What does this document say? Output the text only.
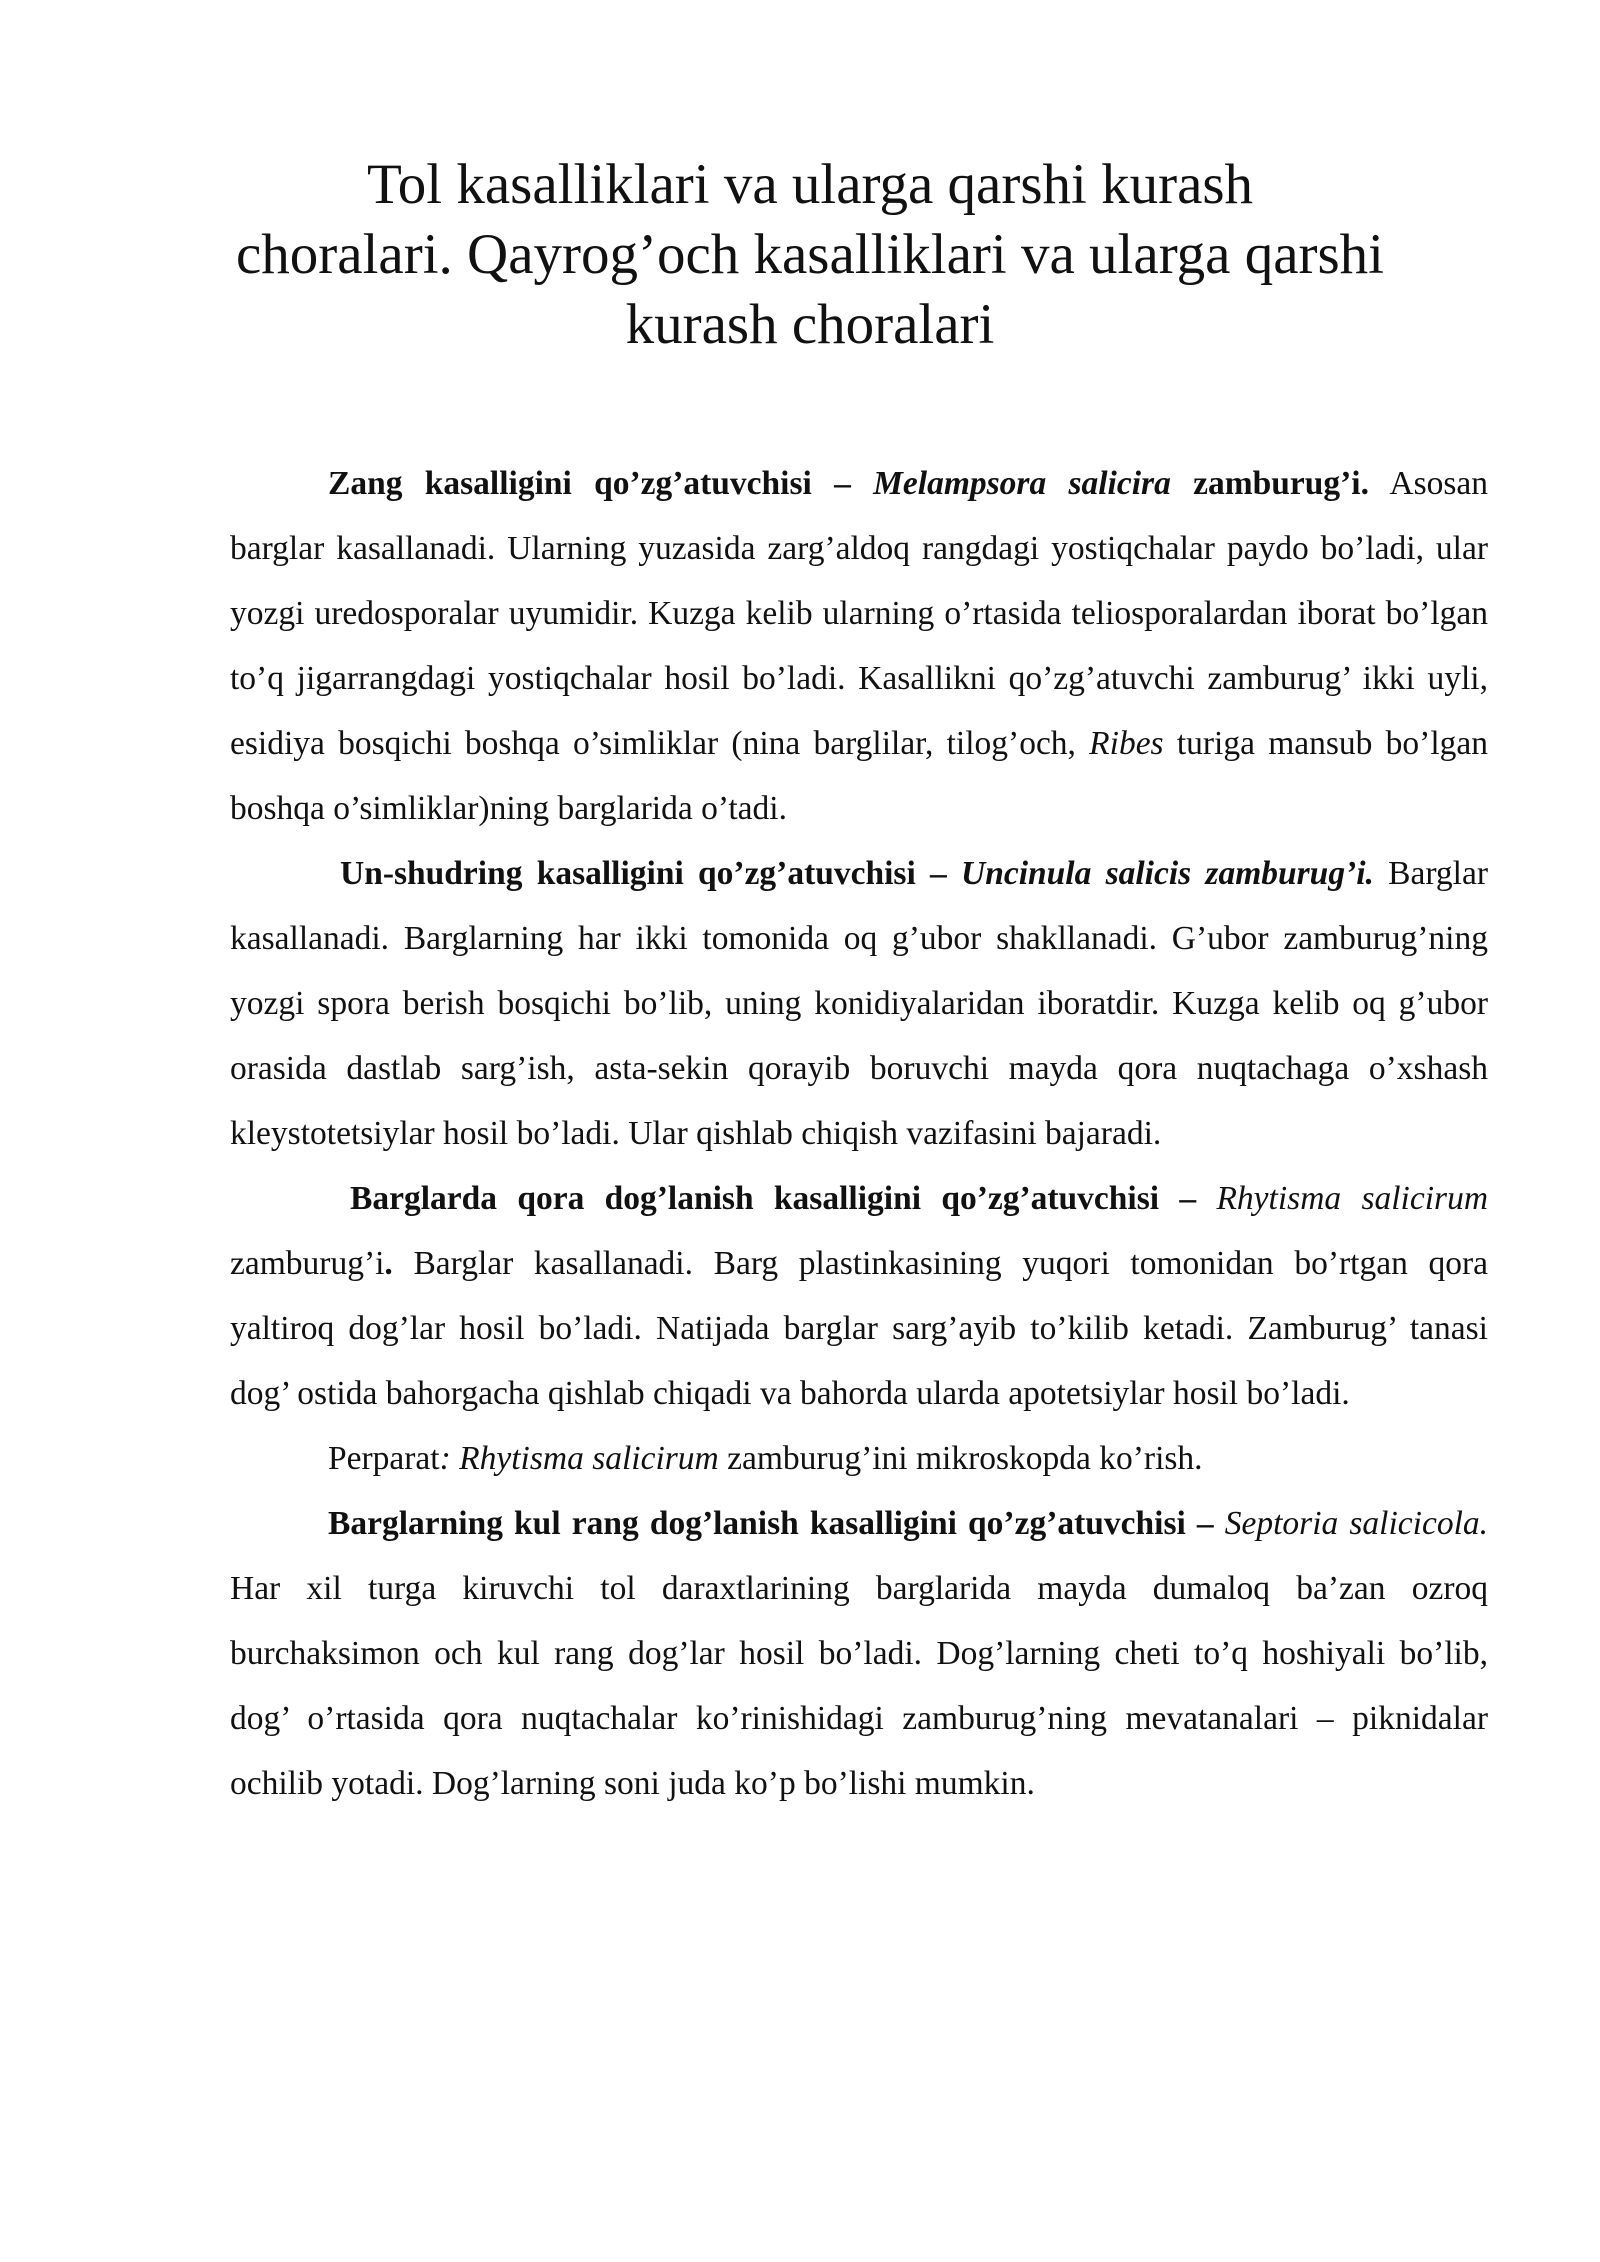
Tol kasalliklari va ularga qarshi kurash
choralari. Qayrog’och kasalliklari va ularga qarshi
kurash choralari

Zang kasalligini qo’zg’atuvchisi – Melampsora salicira zamburug’i. Asosan barglar kasallanadi. Ularning yuzasida zarg’aldoq rangdagi yostiqchalar paydo bo’ladi, ular yozgi uredosporalar uyumidir. Kuzga kelib ularning o’rtasida teliosporalardan iborat bo’lgan to’q jigarrangdagi yostiqchalar hosil bo’ladi. Kasallikni qo’zg’atuvchi zamburug’ ikki uyli, esidiya bosqichi boshqa o’simliklar (nina barglilar, tilog’och, Ribes turiga mansub bo’lgan boshqa o’simliklar)ning barglarida o’tadi.

Un-shudring kasalligini qo’zg’atuvchisi – Uncinula salicis zamburug’i. Barglar kasallanadi. Barglarning har ikki tomonida oq g’ubor shakllanadi. G’ubor zamburug’ning yozgi spora berish bosqichi bo’lib, uning konidiyalaridan iboratdir. Kuzga kelib oq g’ubor orasida dastlab sarg’ish, asta-sekin qorayib boruvchi mayda qora nuqtachaga o’xshash kleystotetsiylar hosil bo’ladi. Ular qishlab chiqish vazifasini bajaradi.

Barglarda qora dog’lanish kasalligini qo’zg’atuvchisi – Rhytisma salicirum zamburug’i. Barglar kasallanadi. Barg plastinkasining yuqori tomonidan bo’rtgan qora yaltiroq dog’lar hosil bo’ladi. Natijada barglar sarg’ayib to’kilib ketadi. Zamburug’ tanasi dog’ ostida bahorgacha qishlab chiqadi va bahorda ularda apotetsiylar hosil bo’ladi.

Perparat: Rhytisma salicirum zamburug’ini mikroskopda ko’rish.

Barglarning kul rang dog’lanish kasalligini qo’zg’atuvchisi – Septoria salicicola. Har xil turga kiruvchi tol daraxtlarining barglarida mayda dumaloq ba’zan ozroq burchaksimon och kul rang dog’lar hosil bo’ladi. Dog’larning cheti to’q hoshiyali bo’lib, dog’ o’rtasida qora nuqtachalar ko’rinishidagi zamburug’ning mevatanalari – piknidalar ochilib yotadi. Dog’larning soni juda ko’p bo’lishi mumkin.
